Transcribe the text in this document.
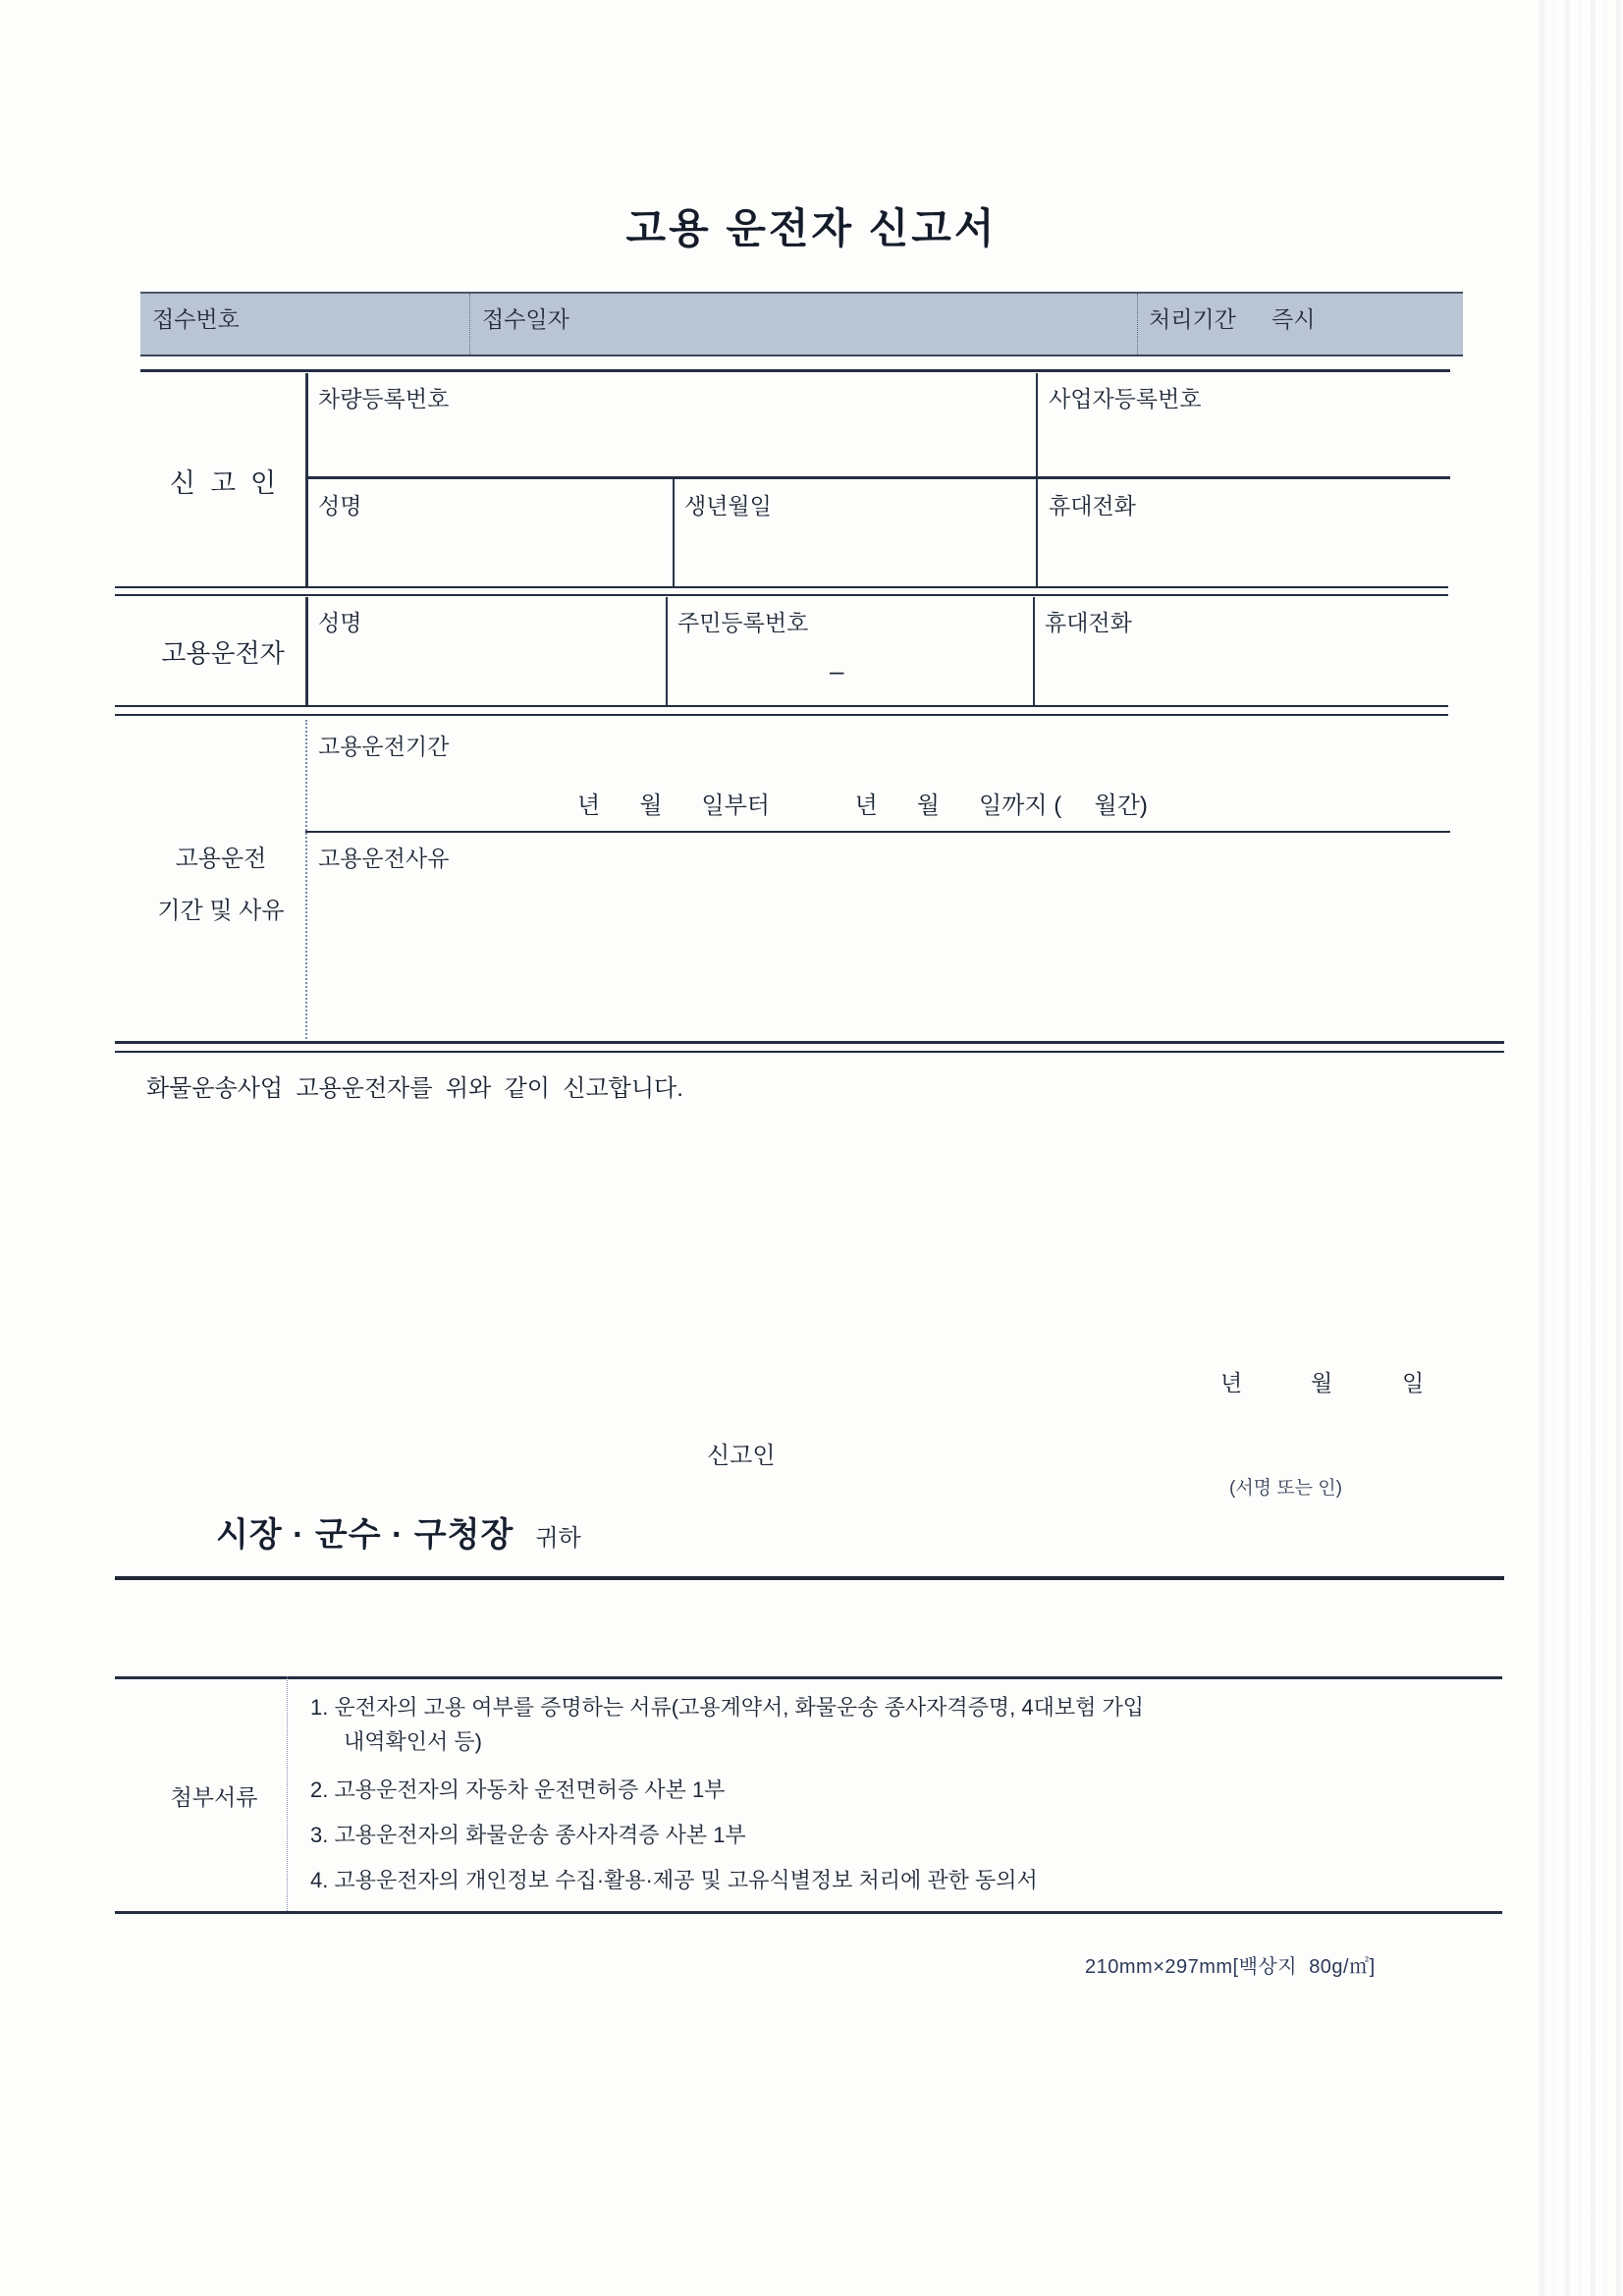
고용 운전자 신고서
접수번호	접수일자	처리기간 즉시
신  고  인
차량등록번호	사업자등록번호
성명	생년월일	휴대전화
고용운전자
성명	주민등록번호	휴대전화
–
고용운전
기간 및 사유
고용운전기간
년      월      일부터             년      월      일까지 (     월간)
고용운전사유
화물운송사업  고용운전자를  위와  같이  신고합니다.
년	월	일
신고인
(서명 또는 인)
시장 · 군수 · 구청장 귀하
첨부서류
1. 운전자의 고용 여부를 증명하는 서류(고용계약서, 화물운송 종사자격증명, 4대보험 가입
내역확인서 등)
2. 고용운전자의 자동차 운전면허증 사본 1부
3. 고용운전자의 화물운송 종사자격증 사본 1부
4. 고용운전자의 개인정보 수집·활용·제공 및 고유식별정보 처리에 관한 동의서
210mm×297mm[백상지  80g/㎡]
